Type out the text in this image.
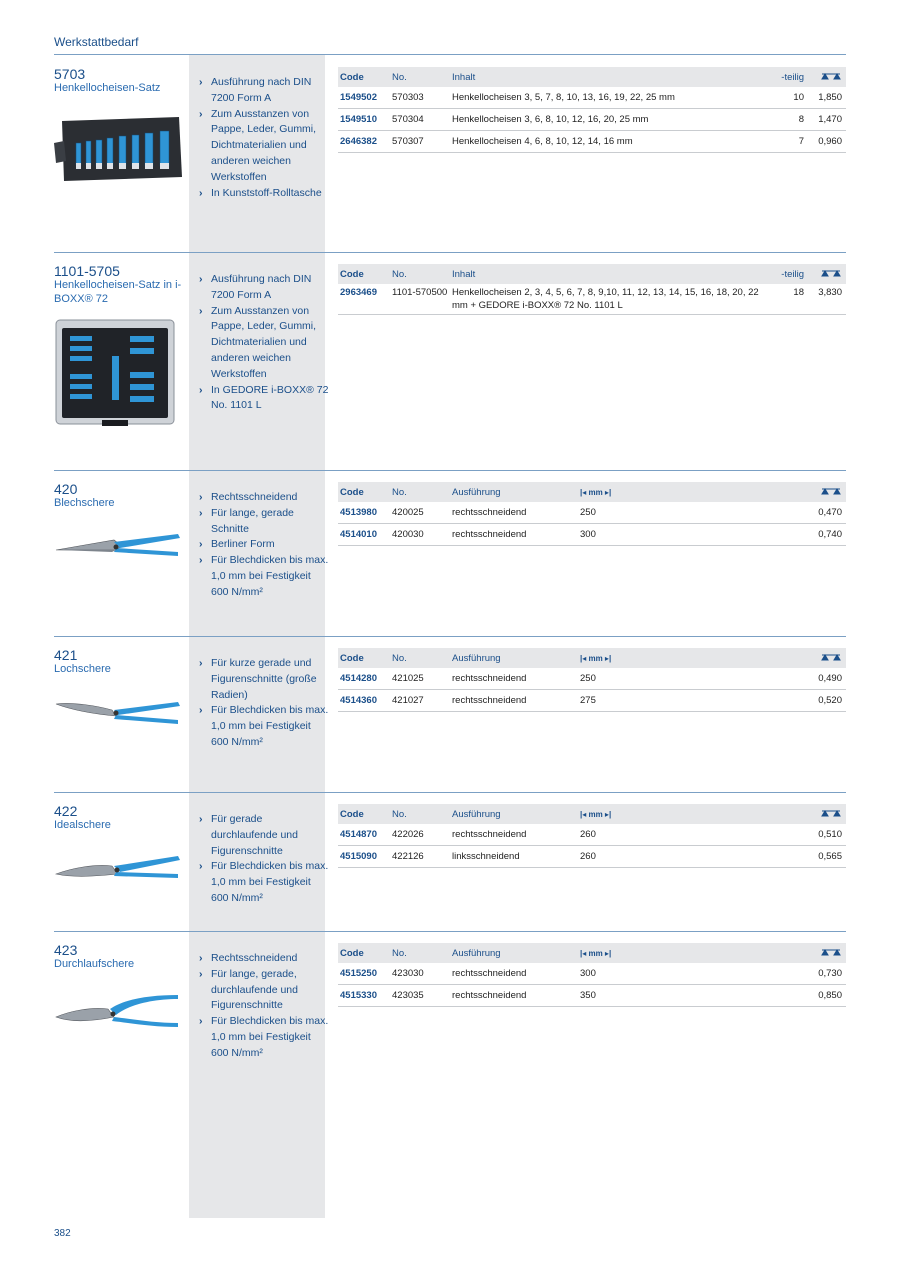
Werkstattbedarf
5703
Henkellocheisen-Satz	› Ausführung nach DIN 7200 Form A
› Zum Ausstanzen von Pappe, Leder, Gummi, Dichtmaterialien und anderen weichen Werkstoffen
› In Kunststoff-Rolltasche
Code	No.	Inhalt	-teilig	
1549502	570303	Henkellocheisen 3, 5, 7, 8, 10, 13, 16, 19, 22, 25 mm	10	1,850
1549510	570304	Henkellocheisen 3, 6, 8, 10, 12, 16, 20, 25 mm	8	1,470
2646382	570307	Henkellocheisen 4, 6, 8, 10, 12, 14, 16 mm	7	0,960
1101-5705
Henkellocheisen-Satz in i-BOXX® 72
› Ausführung nach DIN 7200 Form A
› Zum Ausstanzen von Pappe, Leder, Gummi, Dichtmaterialien und anderen weichen Werkstoffen
› In GEDORE i-BOXX® 72 No. 1101 L
Code	No.	Inhalt	-teilig	
2963469	1101-570500	Henkellocheisen 2, 3, 4, 5, 6, 7, 8, 9,10, 11, 12, 13, 14, 15, 16, 18, 20, 22 mm + GEDORE i-BOXX® 72 No. 1101 L	18	3,830
420
Blechschere	› Rechtsschneidend
› Für lange, gerade Schnitte
› Berliner Form
› Für Blechdicken bis max. 1,0 mm bei Festigkeit 600 N/mm²
Code	No.	Ausführung	|◂ mm ▸|	
4513980	420025	rechtsschneidend	250	0,470
4514010	420030	rechtsschneidend	300	0,740
421
Lochschere	› Für kurze gerade und Figurenschnitte (große Radien)
› Für Blechdicken bis max. 1,0 mm bei Festigkeit 600 N/mm²
Code	No.	Ausführung	|◂ mm ▸|	
4514280	421025	rechtsschneidend	250	0,490
4514360	421027	rechtsschneidend	275	0,520
422
Idealschere	› Für gerade durchlaufende und Figurenschnitte
› Für Blechdicken bis max. 1,0 mm bei Festigkeit 600 N/mm²
Code	No.	Ausführung	|◂ mm ▸|	
4514870	422026	rechtsschneidend	260	0,510
4515090	422126	linksschneidend	260	0,565
423
Durchlaufschere	› Rechtsschneidend
› Für lange, gerade, durchlaufende und Figurenschnitte
› Für Blechdicken bis max. 1,0 mm bei Festigkeit 600 N/mm²
Code	No.	Ausführung	|◂ mm ▸|	
4515250	423030	rechtsschneidend	300	0,730
4515330	423035	rechtsschneidend	350	0,850
382
